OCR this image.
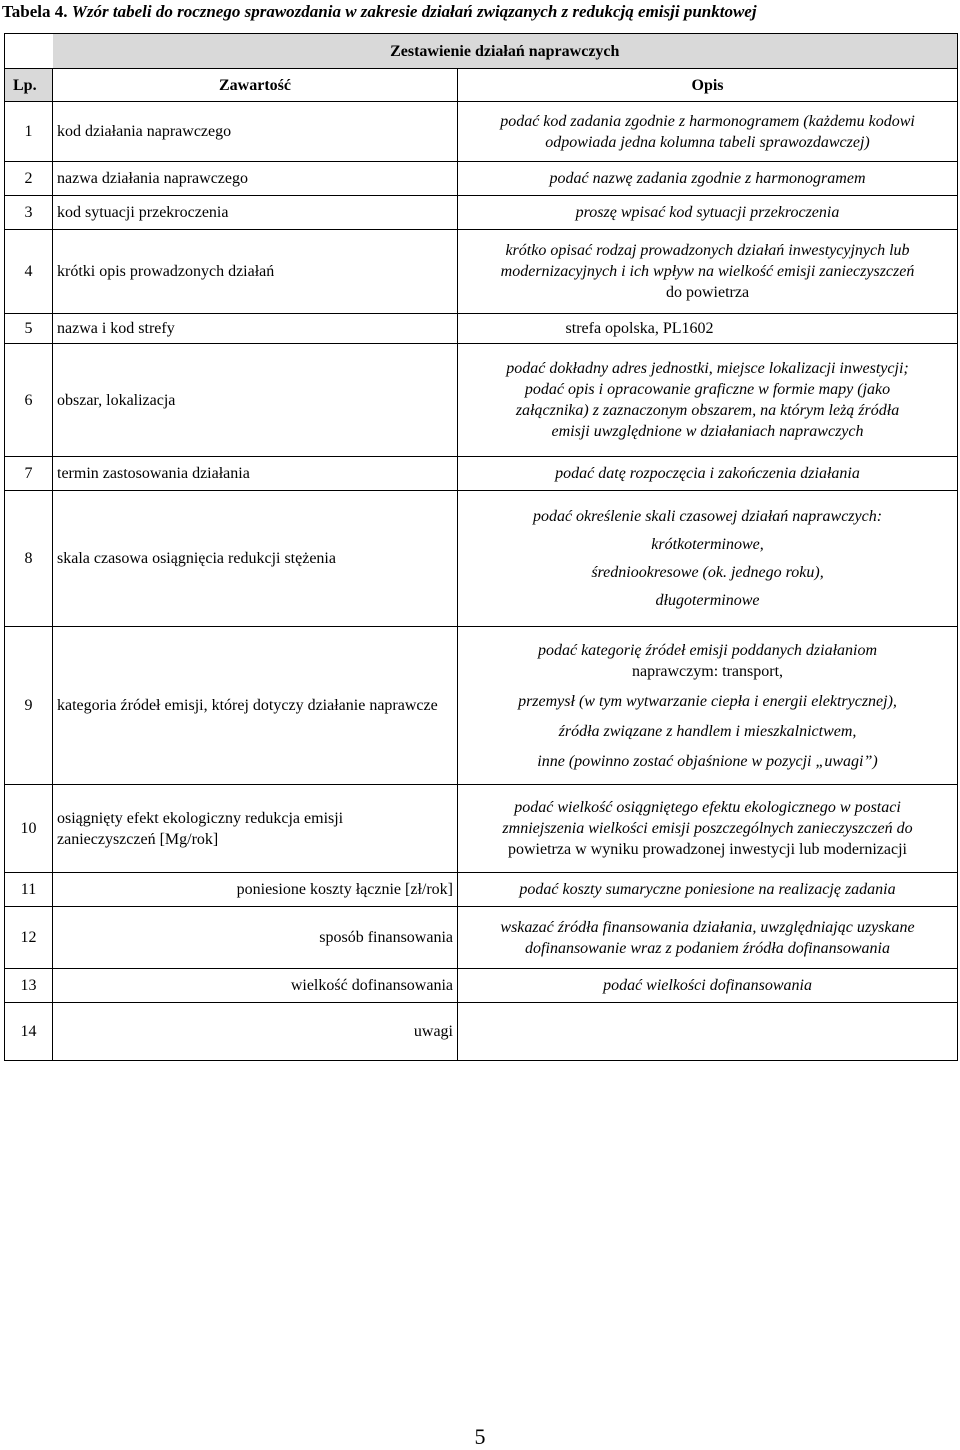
Tabela 4. Wzór tabeli do rocznego sprawozdania w zakresie działań związanych z redukcją emisji punktowej
	Zestawienie działań naprawczych	
Lp.	Zawartość	Opis
1	kod działania naprawczego	podać kod zadania zgodnie z harmonogramem (każdemu kodowi
odpowiada jedna kolumna tabeli sprawozdawczej)

2	nazwa działania naprawczego	podać nazwę zadania zgodnie z harmonogramem

3	kod sytuacji przekroczenia	proszę wpisać kod sytuacji przekroczenia

4	krótki opis prowadzonych działań	krótko opisać rodzaj prowadzonych działań inwestycyjnych lub
modernizacyjnych i ich wpływ na wielkość emisji zanieczyszczeń
do powietrza

5	nazwa i kod strefy	strefa opolska, PL1602

6	obszar, lokalizacja	podać dokładny adres jednostki, miejsce lokalizacji inwestycji;
podać opis i opracowanie graficzne w formie mapy (jako
załącznika) z zaznaczonym obszarem, na którym leżą źródła
emisji uwzględnione w działaniach naprawczych

7	termin zastosowania działania	podać datę rozpoczęcia i zakończenia działania

8	skala czasowa osiągnięcia redukcji stężenia	podać określenie skali czasowej działań naprawczych:
krótkoterminowe,
średniookresowe (ok. jednego roku),
długoterminowe

9	kategoria źródeł emisji, której dotyczy działanie naprawcze	podać kategorię źródeł emisji poddanych działaniom
naprawczym: transport,
przemysł (w tym wytwarzanie ciepła i energii elektrycznej),
źródła związane z handlem i mieszkalnictwem,
inne (powinno zostać objaśnione w pozycji „uwagi”)

10	osiągnięty efekt ekologiczny redukcja emisji zanieczyszczeń [Mg/rok]	podać wielkość osiągniętego efektu ekologicznego w postaci
zmniejszenia wielkości emisji poszczególnych zanieczyszczeń do
powietrza w wyniku prowadzonej inwestycji lub modernizacji

11	poniesione koszty łącznie [zł/rok]	podać koszty sumaryczne poniesione na realizację zadania

12	sposób finansowania	wskazać źródła finansowania działania, uwzględniając uzyskane
dofinansowanie wraz z podaniem źródła dofinansowania

13	wielkość dofinansowania	podać wielkości dofinansowania

14	uwagi	
5
